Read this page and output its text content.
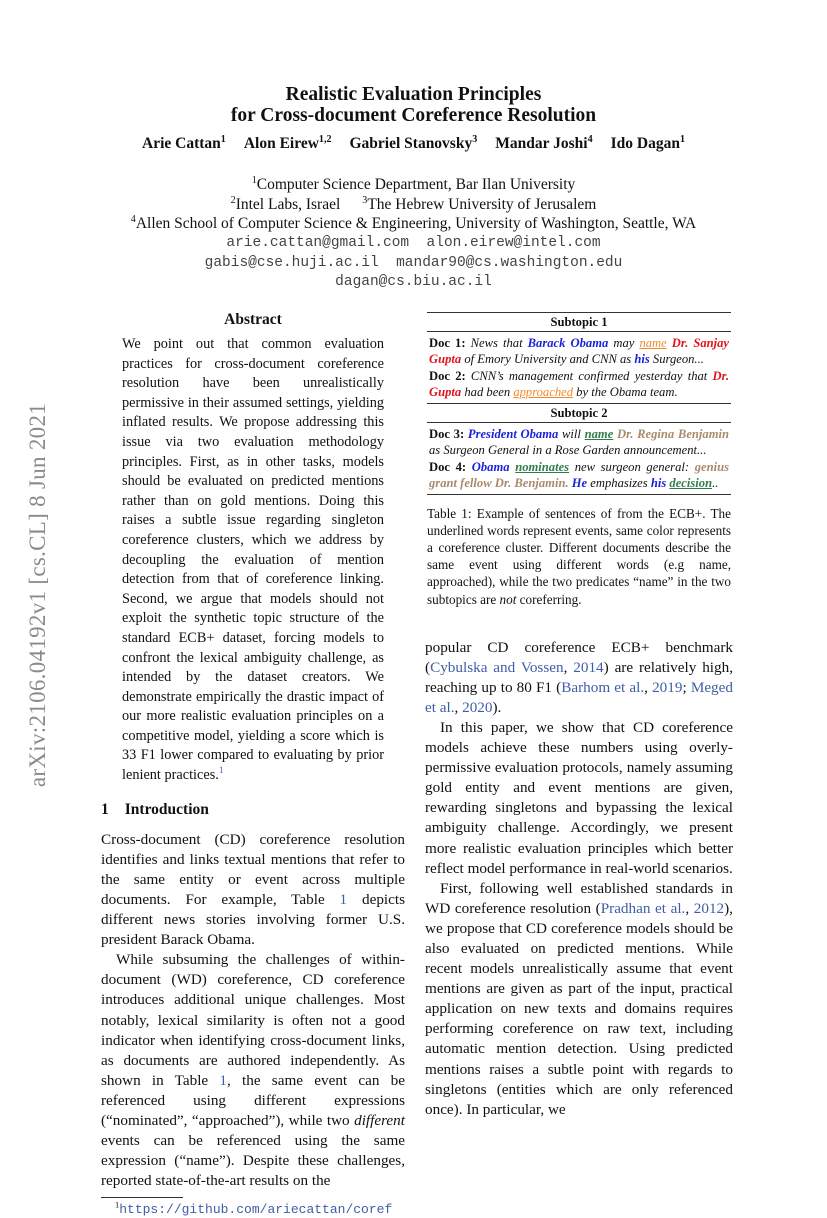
arXiv:2106.04192v1 [cs.CL] 8 Jun 2021
Realistic Evaluation Principles
for Cross-document Coreference Resolution
Arie Cattan$^1$ Alon Eirew$^{1,2}$ Gabriel Stanovsky$^3$ Mandar Joshi$^4$ Ido Dagan$^1$
$^1$Computer Science Department, Bar Ilan University
$^2$Intel Labs, Israel $^3$The Hebrew University of Jerusalem
$^4$Allen School of Computer Science & Engineering, University of Washington, Seattle, WA
arie.cattan@gmail.com  alon.eirew@intel.com
gabis@cse.huji.ac.il  mandar90@cs.washington.edu
dagan@cs.biu.ac.il
Abstract
We point out that common evaluation practices for cross-document coreference resolution have been unrealistically permissive in their assumed settings, yielding inflated results. We propose addressing this issue via two evaluation methodology principles. First, as in other tasks, models should be evaluated on predicted mentions rather than on gold mentions. Doing this raises a subtle issue regarding singleton coreference clusters, which we address by decoupling the evaluation of mention detection from that of coreference linking. Second, we argue that models should not exploit the synthetic topic structure of the standard ECB+ dataset, forcing models to confront the lexical ambiguity challenge, as intended by the dataset creators. We demonstrate empirically the drastic impact of our more realistic evaluation principles on a competitive model, yielding a score which is 33 F1 lower compared to evaluating by prior lenient practices.$^1$
1 Introduction

Cross-document (CD) coreference resolution identifies and links textual mentions that refer to the same entity or event across multiple documents. For example, Table 1 depicts different news stories involving former U.S. president Barack Obama.

While subsuming the challenges of within-document (WD) coreference, CD coreference introduces additional unique challenges. Most notably, lexical similarity is often not a good indicator when identifying cross-document links, as documents are authored independently. As shown in Table 1, the same event can be referenced using different expressions (“nominated”, “approached”), while two different events can be referenced using the same expression (“name”). Despite these challenges, reported state-of-the-art results on the

$^1$https://github.com/ariecattan/coref
Subtopic 1

Doc 1: News that Barack Obama may name Dr. Sanjay Gupta of Emory University and CNN as his Surgeon...

Doc 2: CNN’s management confirmed yesterday that Dr. Gupta had been approached by the Obama team.

Subtopic 2

Doc 3: President Obama will name Dr. Regina Benjamin as Surgeon General in a Rose Garden announcement...

Doc 4: Obama nominates new surgeon general: genius grant fellow Dr. Benjamin. He emphasizes his decision..

Table 1: Example of sentences of from the ECB+. The underlined words represent events, same color represents a coreference cluster. Different documents describe the same event using different words (e.g name, approached), while the two predicates “name” in the two subtopics are not coreferring.

popular CD coreference ECB+ benchmark (Cybulska and Vossen, 2014) are relatively high, reaching up to 80 F1 (Barhom et al., 2019; Meged et al., 2020).

In this paper, we show that CD coreference models achieve these numbers using overly-permissive evaluation protocols, namely assuming gold entity and event mentions are given, rewarding singletons and bypassing the lexical ambiguity challenge. Accordingly, we present more realistic evaluation principles which better reflect model performance in real-world scenarios.

First, following well established standards in WD coreference resolution (Pradhan et al., 2012), we propose that CD coreference models should be also evaluated on predicted mentions. While recent models unrealistically assume that event mentions are given as part of the input, practical application on new texts and domains requires performing coreference on raw text, including automatic mention detection. Using predicted mentions raises a subtle point with regards to singletons (entities which are only referenced once). In particular, we
